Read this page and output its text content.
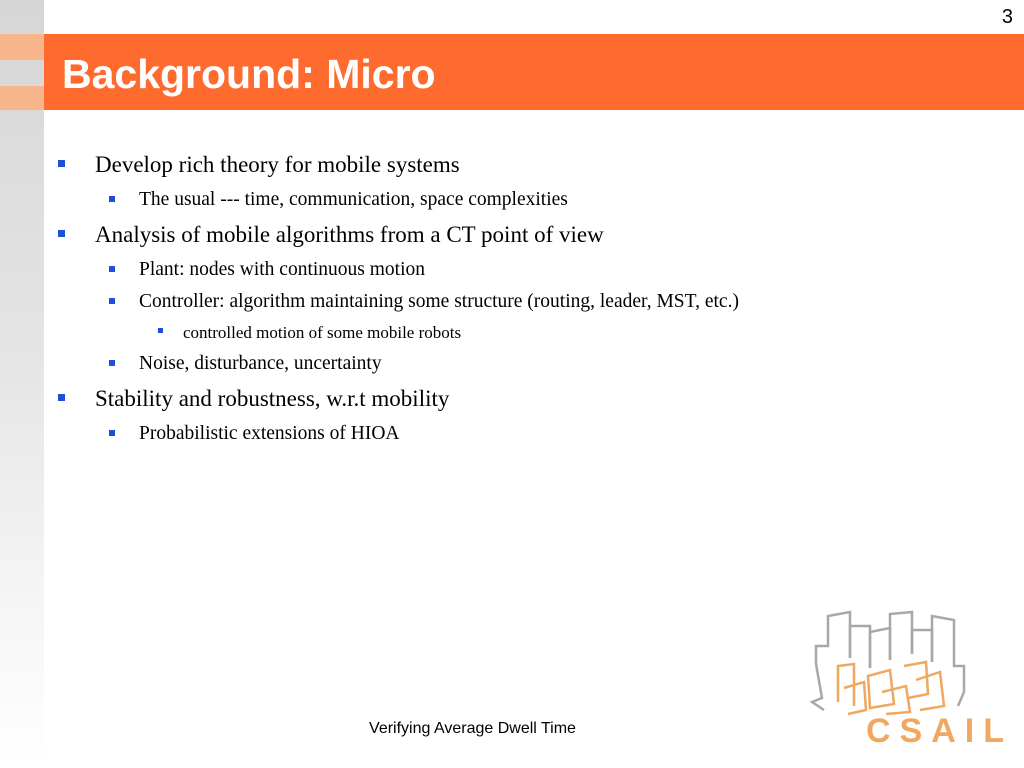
Background: Micro
3
Develop rich theory for mobile systems
The usual --- time, communication, space complexities
Analysis of mobile algorithms from a CT point of view
Plant: nodes with continuous motion
Controller: algorithm maintaining some structure (routing, leader, MST, etc.)
controlled motion of some mobile robots
Noise, disturbance, uncertainty
Stability and robustness, w.r.t mobility
Probabilistic extensions of HIOA
Verifying Average Dwell Time	CSAIL
